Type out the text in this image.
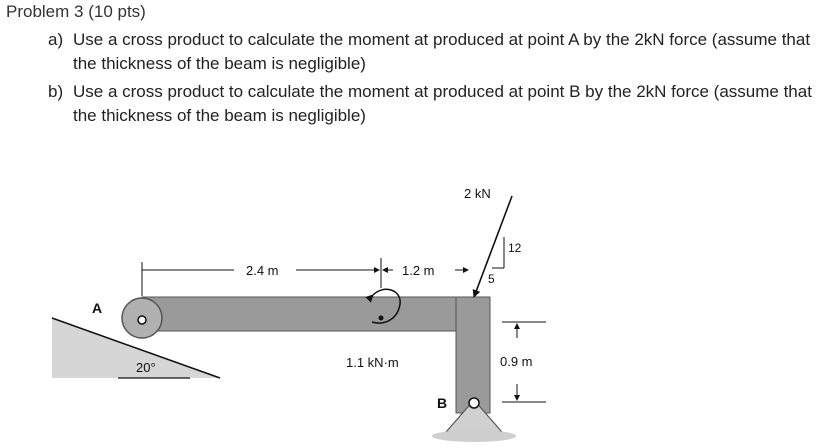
Problem 3 (10 pts)
a) Use a cross product to calculate the moment at produced at point A by the 2kN force (assume that the thickness of the beam is negligible)
b) Use a cross product to calculate the moment at produced at point B by the 2kN force (assume that the thickness of the beam is negligible)
20°
A
B
2.4 m	1.2 m
1.1 kN·m
2 kN
12
5
0.9 m
